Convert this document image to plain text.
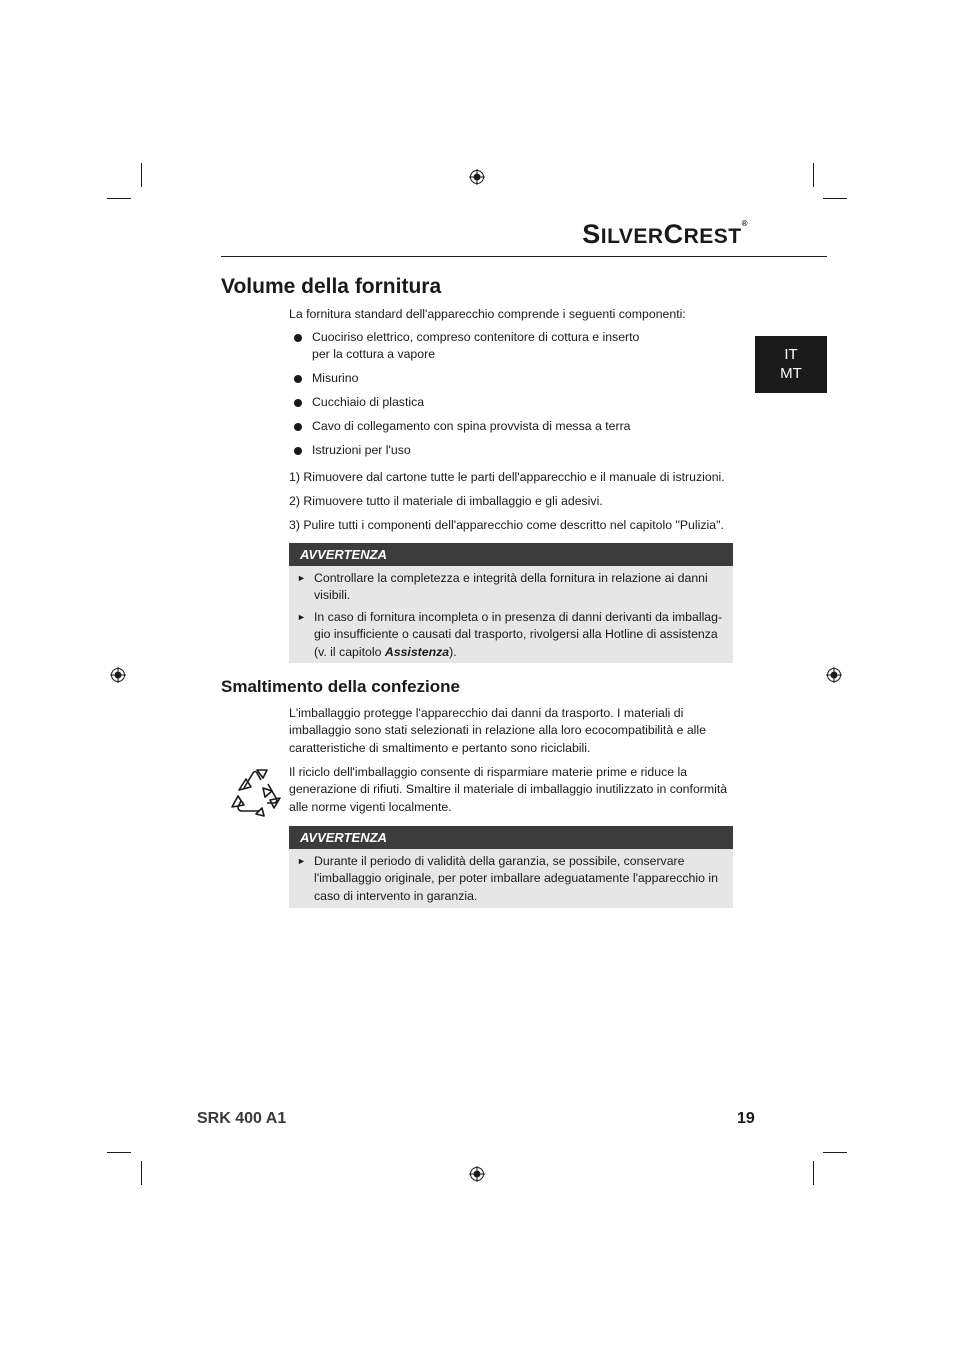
SILVERCREST®
IT
MT
Volume della fornitura

La fornitura standard dell'apparecchio comprende i seguenti componenti:

Cuociriso elettrico, compreso contenitore di cottura e inserto
per la cottura a vapore
Misurino
Cucchiaio di plastica
Cavo di collegamento con spina provvista di messa a terra
Istruzioni per l'uso
1) Rimuovere dal cartone tutte le parti dell'apparecchio e il manuale di istruzioni.
2) Rimuovere tutto il materiale di imballaggio e gli adesivi.
3) Pulire tutti i componenti dell'apparecchio come descritto nel capitolo "Pulizia".
AVVERTENZA
► Controllare la completezza e integrità della fornitura in relazione ai danni visibili.
► In caso di fornitura incompleta o in presenza di danni derivanti da imballaggio insufficiente o causati dal trasporto, rivolgersi alla Hotline di assistenza (v. il capitolo Assistenza).
Smaltimento della confezione

L'imballaggio protegge l'apparecchio dai danni da trasporto. I materiali di imballaggio sono stati selezionati in relazione alla loro ecocompatibilità e alle caratteristiche di smaltimento e pertanto sono riciclabili.

Il riciclo dell'imballaggio consente di risparmiare materie prime e riduce la generazione di rifiuti. Smaltire il materiale di imballaggio inutilizzato in conformità alle norme vigenti localmente.

AVVERTENZA
► Durante il periodo di validità della garanzia, se possibile, conservare l'imballaggio originale, per poter imballare adeguatamente l'apparecchio in caso di intervento in garanzia.
SRK 400 A1	19
